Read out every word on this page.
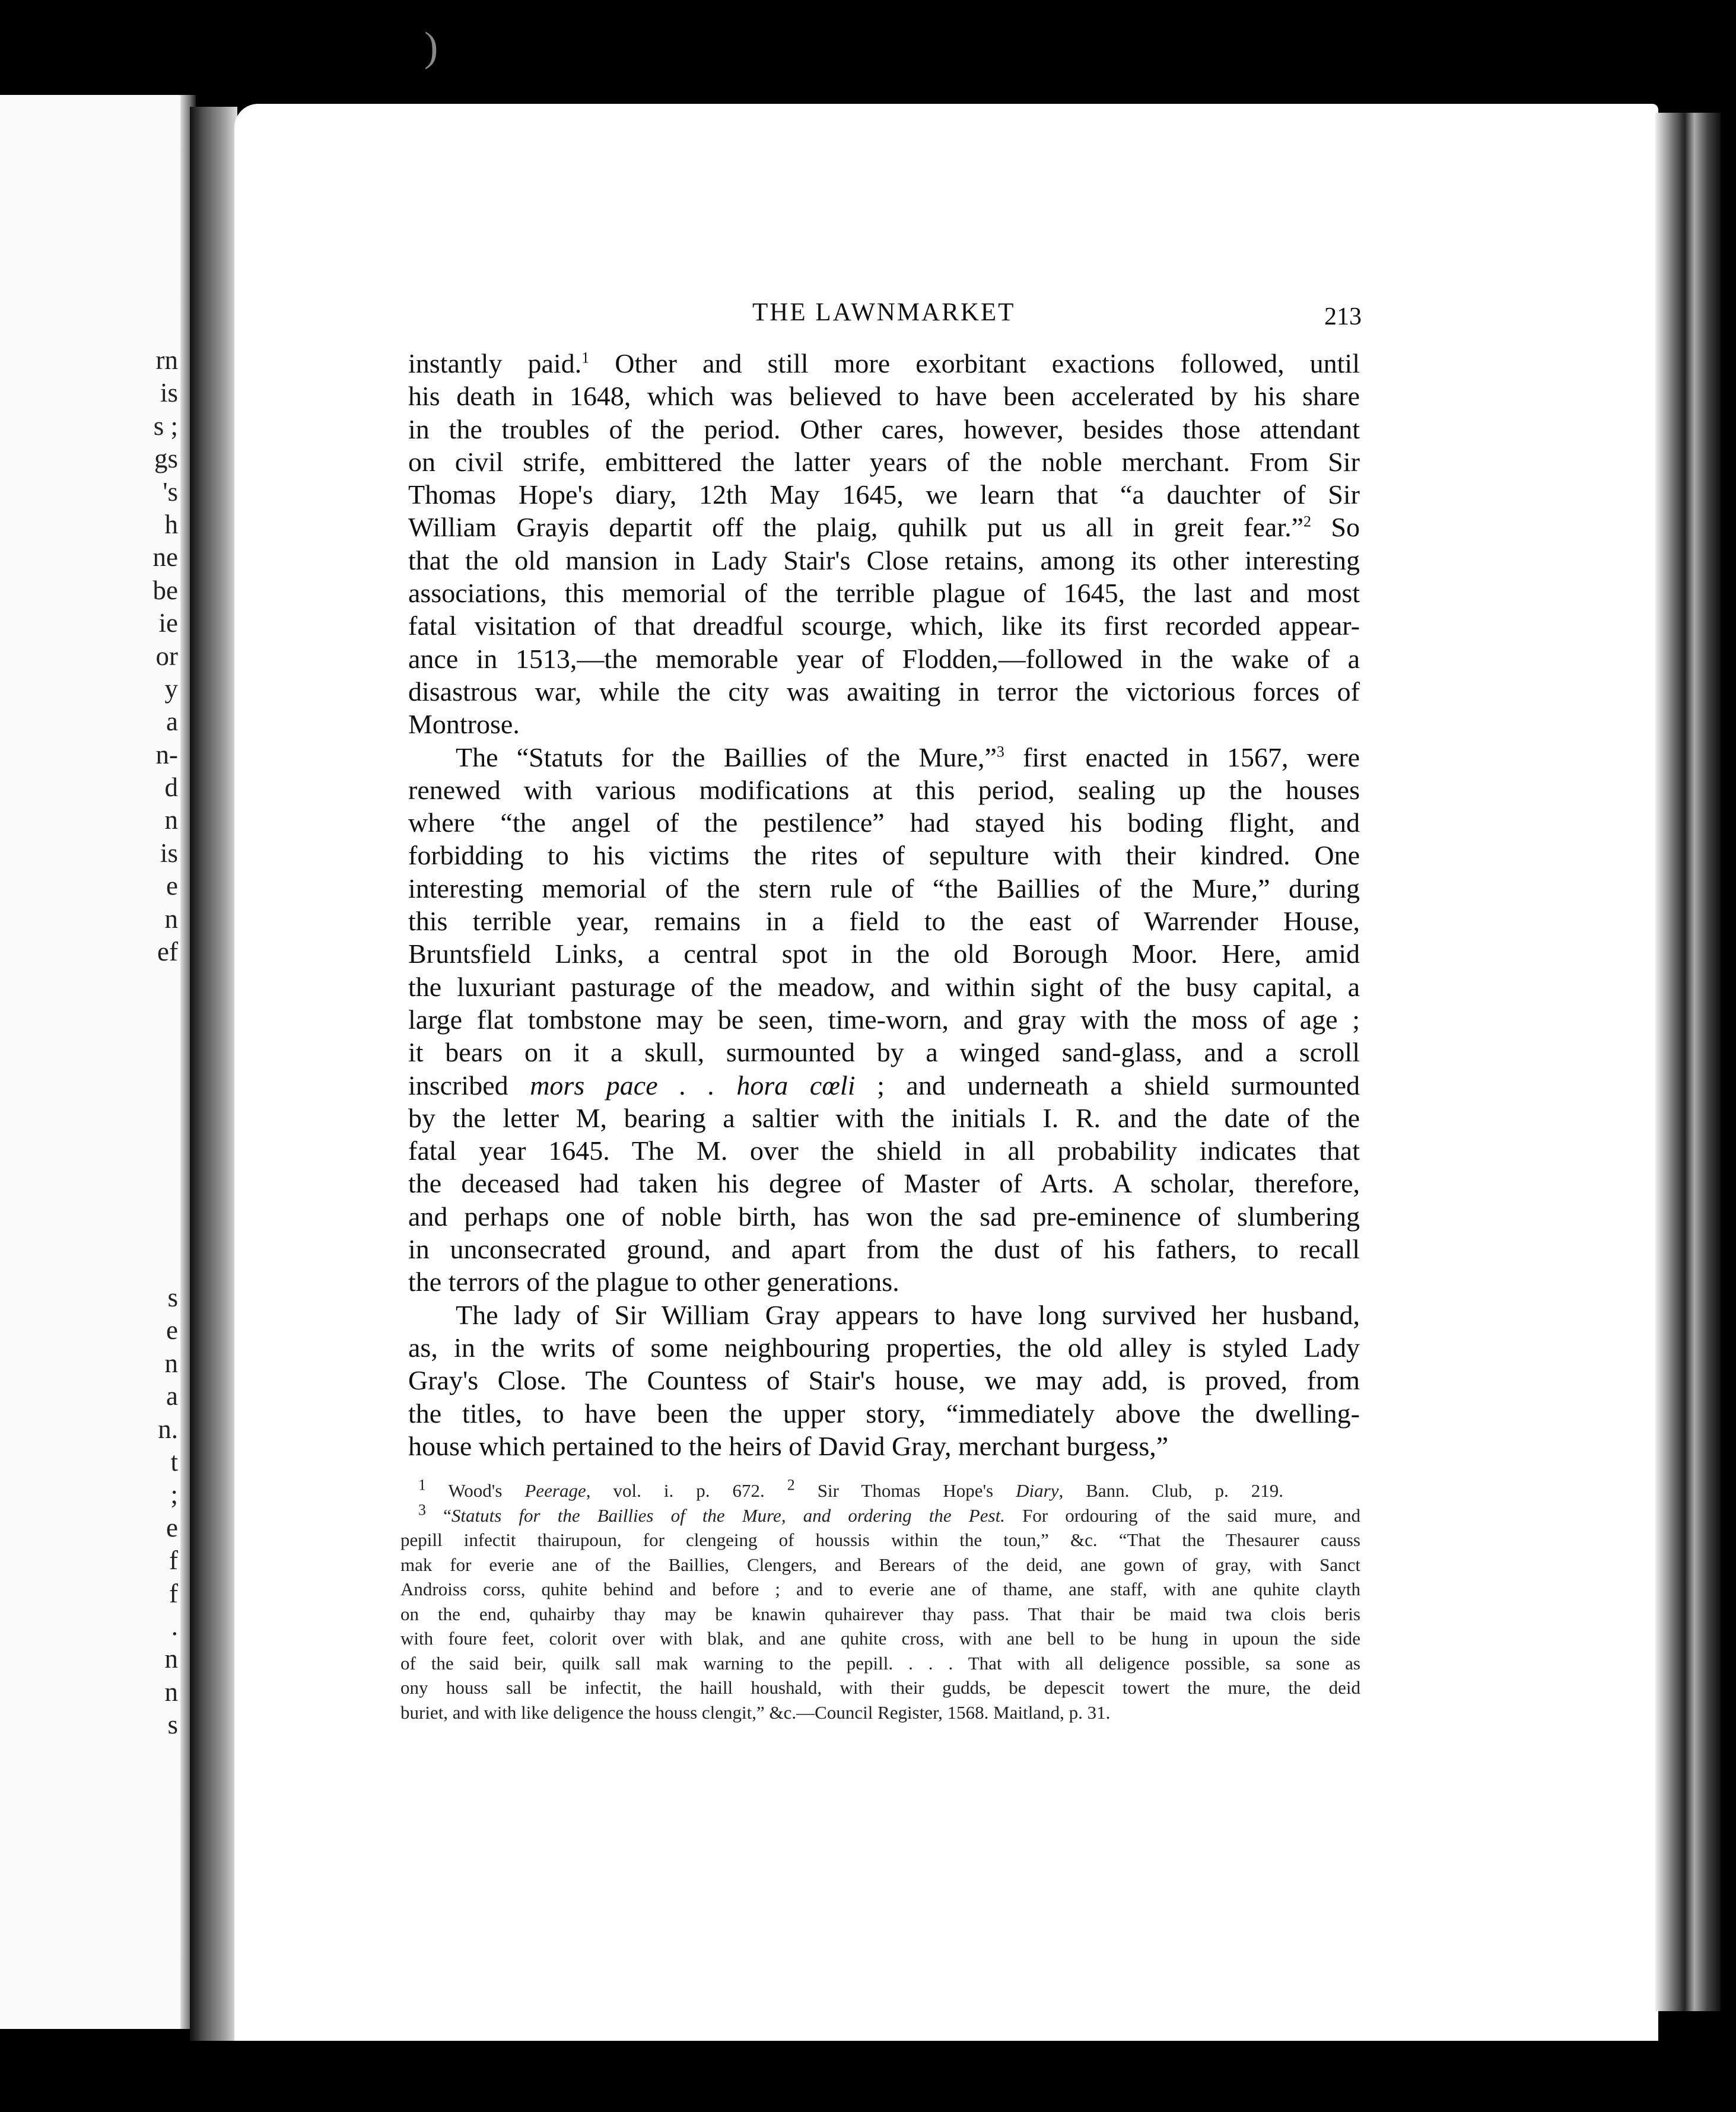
rn
is
s ;
gs
's
h
ne
be
ie
or
y
a
n-
d
n
is
e
n
ef
s
e
n
a
n.
t
;
e
f
f
.
n
n
s
THE LAWNMARKET	213
instantly paid.$^1$ Other and still more exorbitant exactions followed, until
his death in 1648, which was believed to have been accelerated by his share
in the troubles of the period. Other cares, however, besides those attendant
on civil strife, embittered the latter years of the noble merchant. From Sir
Thomas Hope's diary, 12th May 1645, we learn that “a dauchter of Sir
William Grayis departit off the plaig, quhilk put us all in greit fear.”$^2$ So
that the old mansion in Lady Stair's Close retains, among its other interesting
associations, this memorial of the terrible plague of 1645, the last and most
fatal visitation of that dreadful scourge, which, like its first recorded appear-
ance in 1513,—the memorable year of Flodden,—followed in the wake of a
disastrous war, while the city was awaiting in terror the victorious forces of
Montrose.
The “Statuts for the Baillies of the Mure,”$^3$ first enacted in 1567, were
renewed with various modifications at this period, sealing up the houses
where “the angel of the pestilence” had stayed his boding flight, and
forbidding to his victims the rites of sepulture with their kindred. One
interesting memorial of the stern rule of “the Baillies of the Mure,” during
this terrible year, remains in a field to the east of Warrender House,
Bruntsfield Links, a central spot in the old Borough Moor. Here, amid
the luxuriant pasturage of the meadow, and within sight of the busy capital, a
large flat tombstone may be seen, time-worn, and gray with the moss of age ;
it bears on it a skull, surmounted by a winged sand-glass, and a scroll
inscribed mors pace . . hora cœli ; and underneath a shield surmounted
by the letter M, bearing a saltier with the initials I. R. and the date of the
fatal year 1645. The M. over the shield in all probability indicates that
the deceased had taken his degree of Master of Arts. A scholar, therefore,
and perhaps one of noble birth, has won the sad pre-eminence of slumbering
in unconsecrated ground, and apart from the dust of his fathers, to recall
the terrors of the plague to other generations.
The lady of Sir William Gray appears to have long survived her husband,
as, in the writs of some neighbouring properties, the old alley is styled Lady
Gray's Close. The Countess of Stair's house, we may add, is proved, from
the titles, to have been the upper story, “immediately above the dwelling-
house which pertained to the heirs of David Gray, merchant burgess,”
$^1$ Wood's Peerage, vol. i. p. 672. $^2$ Sir Thomas Hope's Diary, Bann. Club, p. 219.
$^3$ “Statuts for the Baillies of the Mure, and ordering the Pest. For ordouring of the said mure, and
pepill infectit thairupoun, for clengeing of houssis within the toun,” &c. “That the Thesaurer causs
mak for everie ane of the Baillies, Clengers, and Berears of the deid, ane gown of gray, with Sanct
Androiss corss, quhite behind and before ; and to everie ane of thame, ane staff, with ane quhite clayth
on the end, quhairby thay may be knawin quhairever thay pass. That thair be maid twa clois beris
with foure feet, colorit over with blak, and ane quhite cross, with ane bell to be hung in upoun the side
of the said beir, quilk sall mak warning to the pepill. . . . That with all deligence possible, sa sone as
ony houss sall be infectit, the haill houshald, with their gudds, be depescit towert the mure, the deid
buriet, and with like deligence the houss clengit,” &c.—Council Register, 1568. Maitland, p. 31.
)
